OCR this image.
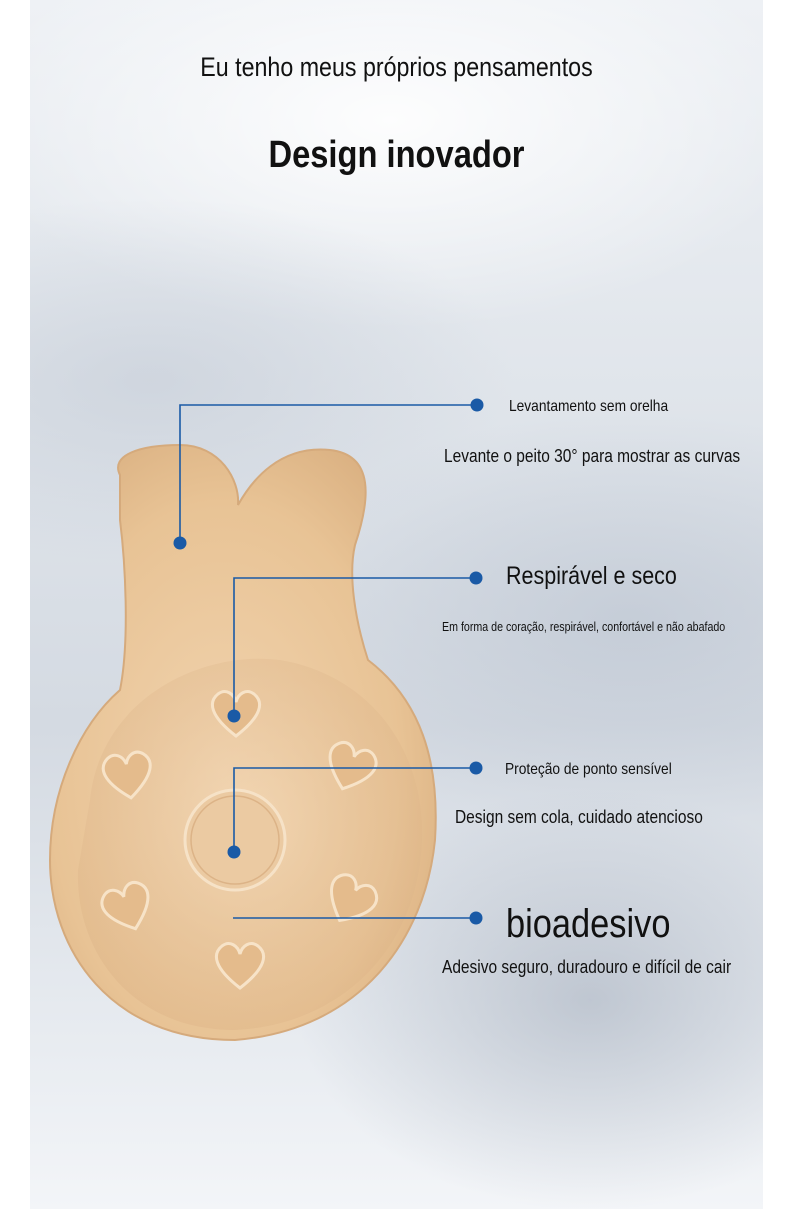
Eu tenho meus próprios pensamentos
Design inovador
Levantamento sem orelha
Levante o peito 30° para mostrar as curvas
Respirável e seco
Em forma de coração, respirável, confortável e não abafado
Proteção de ponto sensível
Design sem cola, cuidado atencioso
bioadesivo
Adesivo seguro, duradouro e difícil de cair
